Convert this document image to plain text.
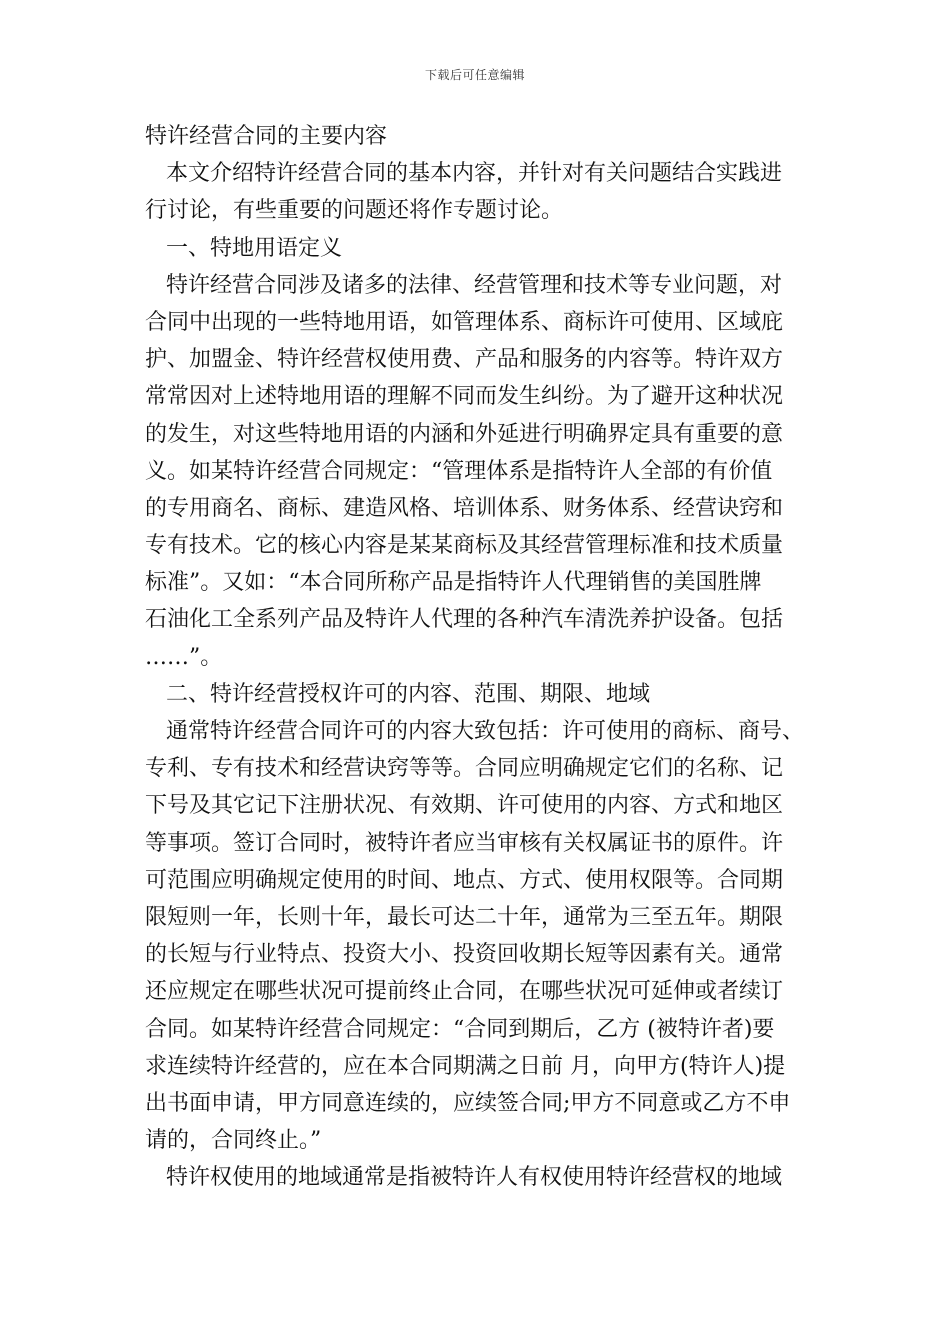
下载后可任意编辑
特许经营合同的主要内容
本文介绍特许经营合同的基本内容，并针对有关问题结合实践进
行讨论，有些重要的问题还将作专题讨论。
一、特地用语定义
特许经营合同涉及诸多的法律、经营管理和技术等专业问题，对
合同中出现的一些特地用语，如管理体系、商标许可使用、区域庇
护、加盟金、特许经营权使用费、产品和服务的内容等。特许双方
常常因对上述特地用语的理解不同而发生纠纷。为了避开这种状况
的发生，对这些特地用语的内涵和外延进行明确界定具有重要的意
义。如某特许经营合同规定：“管理体系是指特许人全部的有价值
的专用商名、商标、建造风格、培训体系、财务体系、经营诀窍和
专有技术。它的核心内容是某某商标及其经营管理标准和技术质量
标准”。又如：“本合同所称产品是指特许人代理销售的美国胜牌
石油化工全系列产品及特许人代理的各种汽车清洗养护设备。包括
……”。
二、特许经营授权许可的内容、范围、期限、地域
通常特许经营合同许可的内容大致包括：许可使用的商标、商号、
专利、专有技术和经营诀窍等等。合同应明确规定它们的名称、记
下号及其它记下注册状况、有效期、许可使用的内容、方式和地区
等事项。签订合同时，被特许者应当审核有关权属证书的原件。许
可范围应明确规定使用的时间、地点、方式、使用权限等。合同期
限短则一年，长则十年，最长可达二十年，通常为三至五年。期限
的长短与行业特点、投资大小、投资回收期长短等因素有关。通常
还应规定在哪些状况可提前终止合同，在哪些状况可延伸或者续订
合同。如某特许经营合同规定：“合同到期后，乙方 (被特许者)要
求连续特许经营的，应在本合同期满之日前 月，向甲方(特许人)提
出书面申请，甲方同意连续的，应续签合同;甲方不同意或乙方不申
请的，合同终止。”
特许权使用的地域通常是指被特许人有权使用特许经营权的地域
